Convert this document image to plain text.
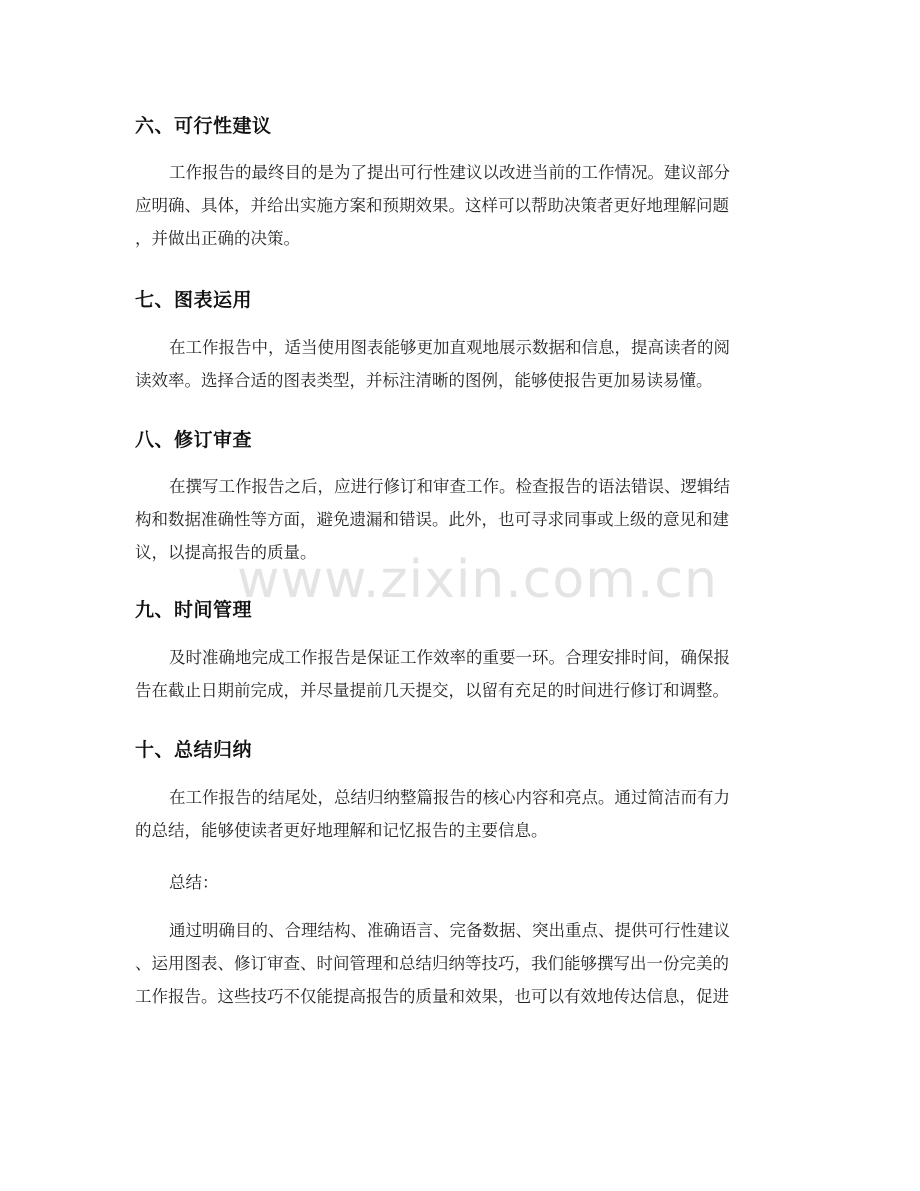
六、可行性建议
工作报告的最终目的是为了提出可行性建议以改进当前的工作情况。建议部分
应明确、具体，并给出实施方案和预期效果。这样可以帮助决策者更好地理解问题
，并做出正确的决策。
七、图表运用
在工作报告中，适当使用图表能够更加直观地展示数据和信息，提高读者的阅
读效率。选择合适的图表类型，并标注清晰的图例，能够使报告更加易读易懂。
八、修订审查
在撰写工作报告之后，应进行修订和审查工作。检查报告的语法错误、逻辑结
构和数据准确性等方面，避免遗漏和错误。此外，也可寻求同事或上级的意见和建
议，以提高报告的质量。
九、时间管理
及时准确地完成工作报告是保证工作效率的重要一环。合理安排时间，确保报
告在截止日期前完成，并尽量提前几天提交，以留有充足的时间进行修订和调整。
十、总结归纳
在工作报告的结尾处，总结归纳整篇报告的核心内容和亮点。通过简洁而有力
的总结，能够使读者更好地理解和记忆报告的主要信息。
总结：
通过明确目的、合理结构、准确语言、完备数据、突出重点、提供可行性建议
、运用图表、修订审查、时间管理和总结归纳等技巧，我们能够撰写出一份完美的
工作报告。这些技巧不仅能提高报告的质量和效果，也可以有效地传达信息，促进
www.zixin.com.cn
